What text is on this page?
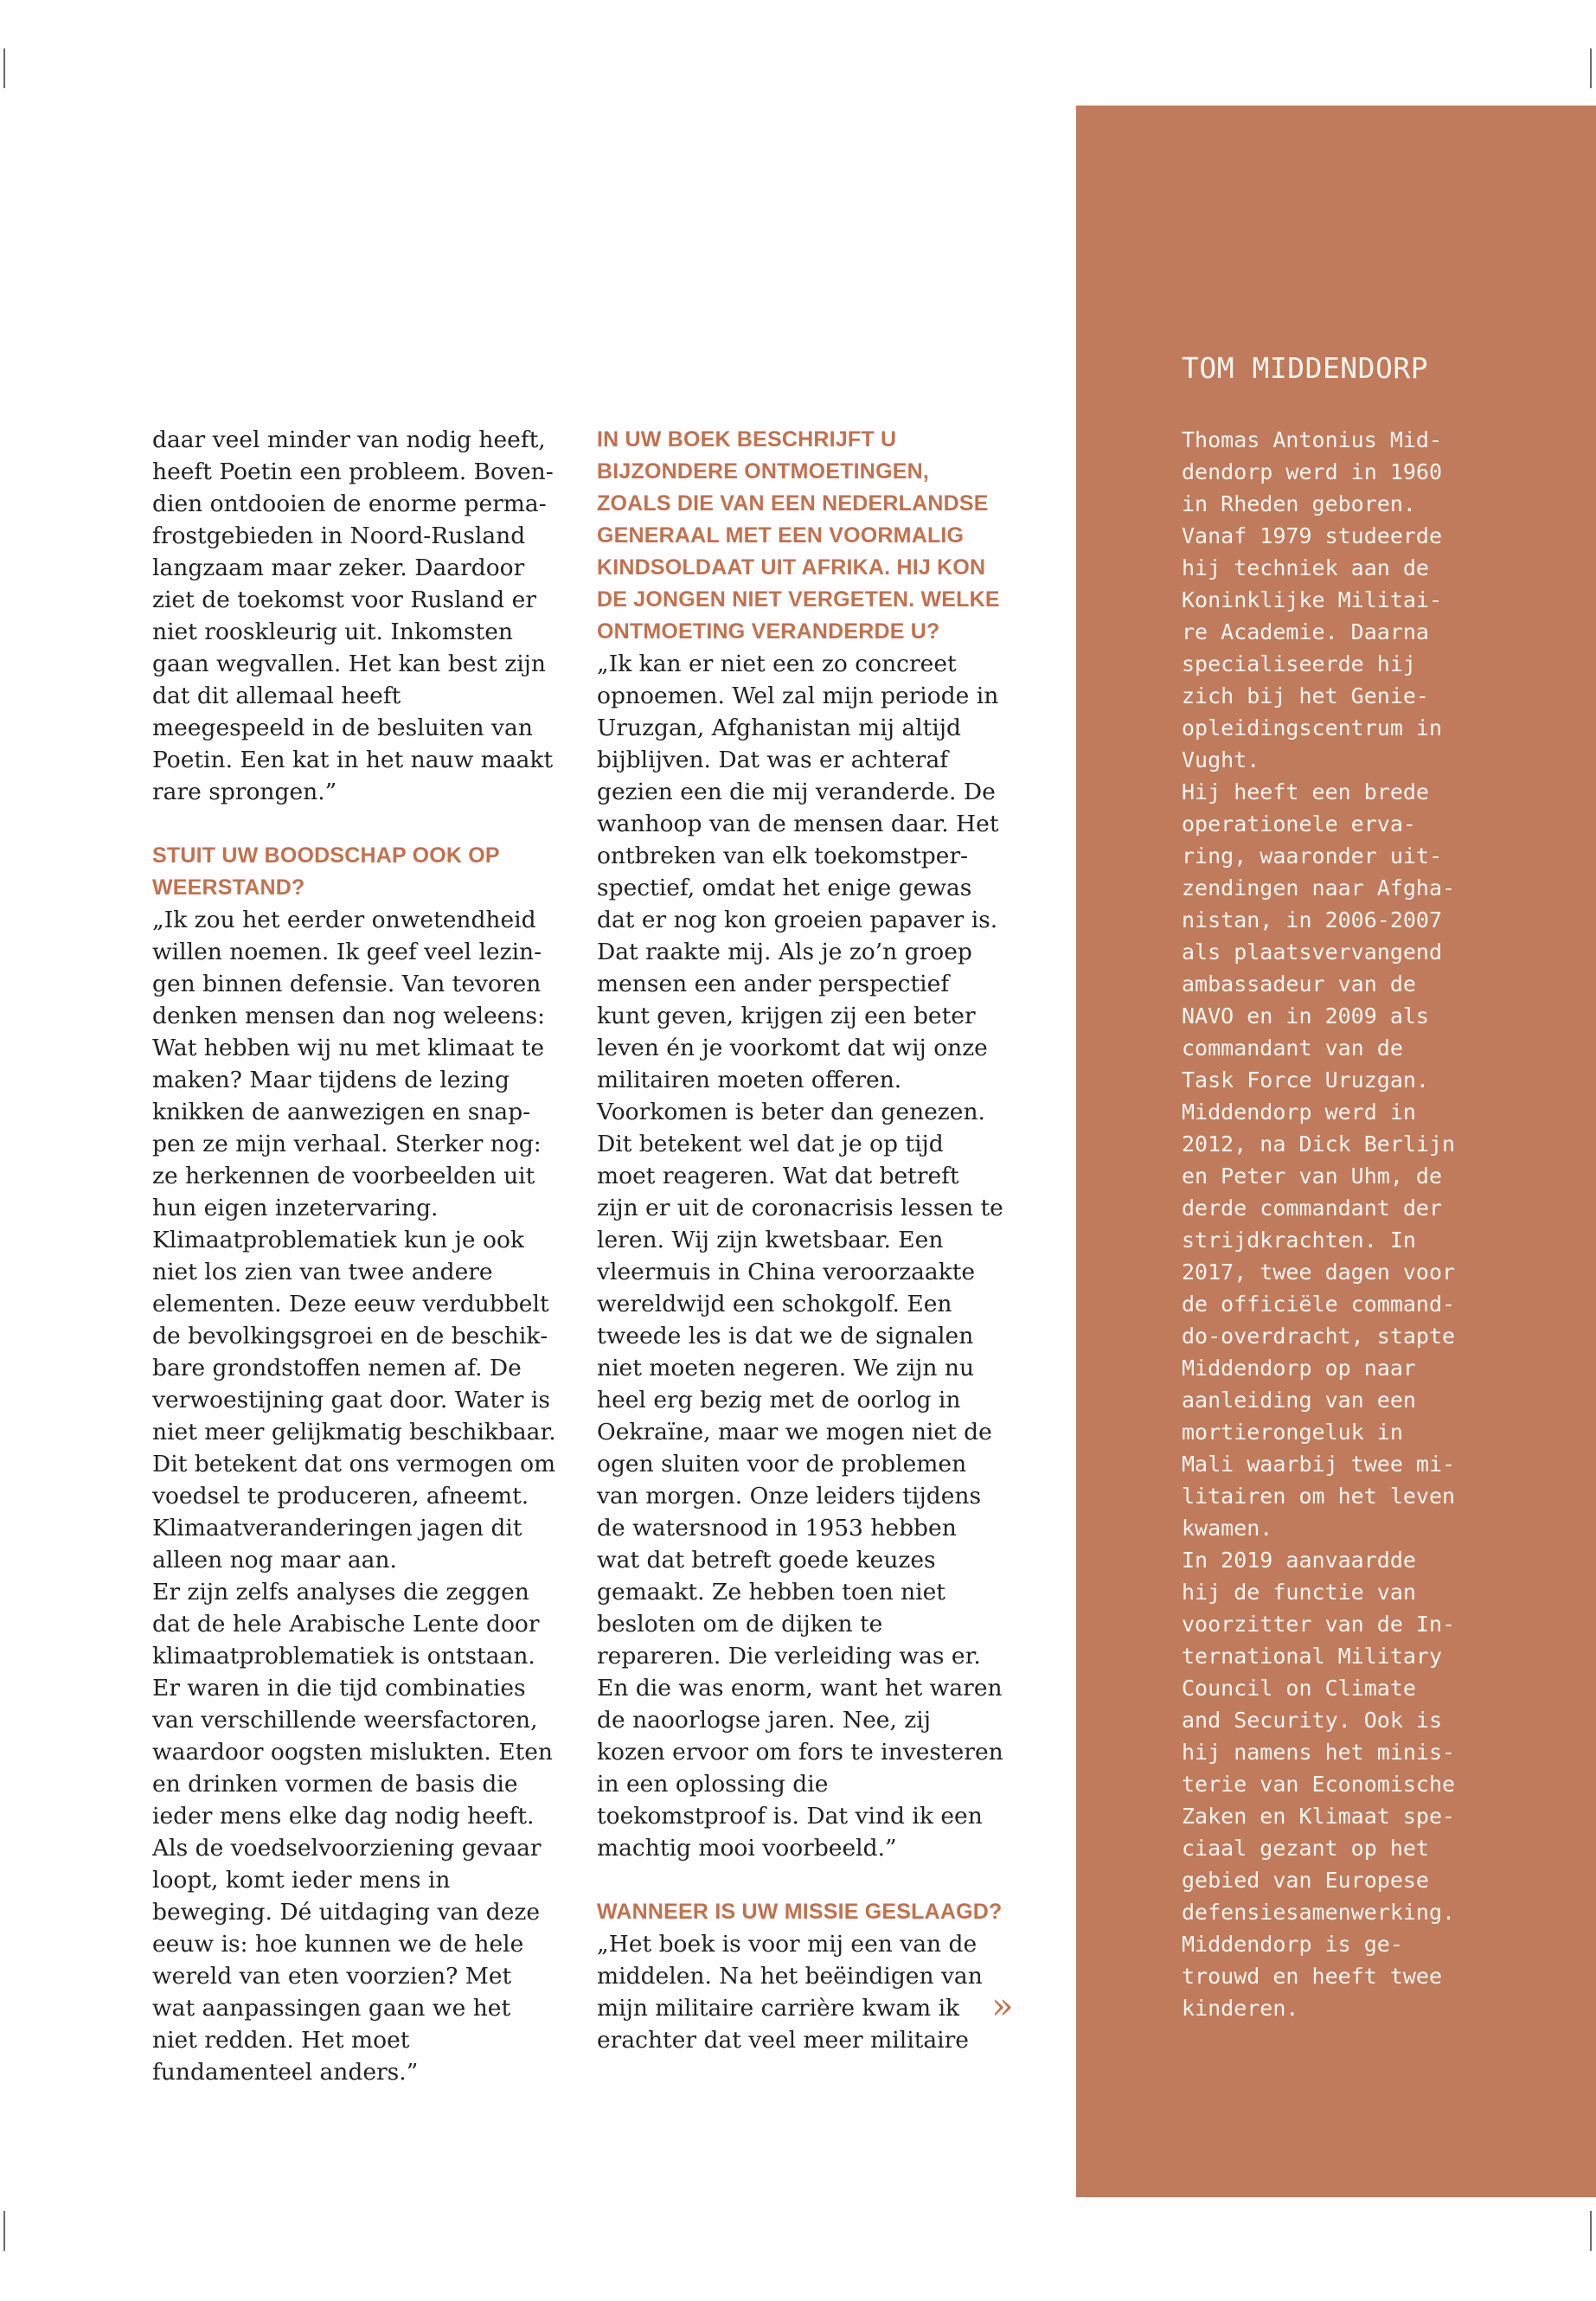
daar veel minder van nodig heeft, heeft Poetin een probleem. Bovendien ontdooien de enorme permafrostgebieden in Noord-Rusland langzaam maar zeker. Daardoor ziet de toekomst voor Rusland er niet rooskleurig uit. Inkomsten gaan wegvallen. Het kan best zijn dat dit allemaal heeft meegespeeld in de besluiten van Poetin. Een kat in het nauw maakt rare sprongen.”

STUIT UW BOODSCHAP OOK OP WEERSTAND?

„Ik zou het eerder onwetendheid willen noemen. Ik geef veel lezingen binnen defensie. Van tevoren denken mensen dan nog weleens: Wat hebben wij nu met klimaat te maken? Maar tijdens de lezing knikken de aanwezigen en snappen ze mijn verhaal. Sterker nog: ze herkennen de voorbeelden uit hun eigen inzetervaring.

Klimaatproblematiek kun je ook niet los zien van twee andere elementen. Deze eeuw verdubbelt de bevolkingsgroei en de beschikbare grondstoffen nemen af. De verwoestijning gaat door. Water is niet meer gelijkmatig beschikbaar. Dit betekent dat ons vermogen om voedsel te produceren, afneemt. Klimaatveranderingen jagen dit alleen nog maar aan.

Er zijn zelfs analyses die zeggen dat de hele Arabische Lente door klimaatproblematiek is ontstaan. Er waren in die tijd combinaties van verschillende weersfactoren, waardoor oogsten mislukten. Eten en drinken vormen de basis die ieder mens elke dag nodig heeft. Als de voedselvoorziening gevaar loopt, komt ieder mens in beweging. Dé uitdaging van deze eeuw is: hoe kunnen we de hele wereld van eten voorzien? Met wat aanpassingen gaan we het niet redden. Het moet fundamenteel anders.”

IN UW BOEK BESCHRIJFT U BIJZONDERE ONTMOETINGEN, ZOALS DIE VAN EEN NEDERLANDSE GENERAAL MET EEN VOORMALIG KINDSOLDAAT UIT AFRIKA. HIJ KON DE JONGEN NIET VERGETEN. WELKE ONTMOETING VERANDERDE U?

„Ik kan er niet een zo concreet opnoemen. Wel zal mijn periode in Uruzgan, Afghanistan mij altijd bijblijven. Dat was er achteraf gezien een die mij veranderde. De wanhoop van de mensen daar. Het ontbreken van elk toekomstperspectief, omdat het enige gewas dat er nog kon groeien papaver is. Dat raakte mij. Als je zo’n groep mensen een ander perspectief kunt geven, krijgen zij een beter leven én je voorkomt dat wij onze militairen moeten offeren. Voorkomen is beter dan genezen.

Dit betekent wel dat je op tijd moet reageren. Wat dat betreft zijn er uit de coronacrisis lessen te leren. Wij zijn kwetsbaar. Een vleermuis in China veroorzaakte wereldwijd een schokgolf. Een tweede les is dat we de signalen niet moeten negeren. We zijn nu heel erg bezig met de oorlog in Oekraïne, maar we mogen niet de ogen sluiten voor de problemen van morgen. Onze leiders tijdens de watersnood in 1953 hebben wat dat betreft goede keuzes gemaakt. Ze hebben toen niet besloten om de dijken te repareren. Die verleiding was er. En die was enorm, want het waren de naoorlogse jaren. Nee, zij kozen ervoor om fors te investeren in een oplossing die toekomstproof is. Dat vind ik een machtig mooi voorbeeld.”

WANNEER IS UW MISSIE GESLAAGD?

„Het boek is voor mij een van de middelen. Na het beëindigen van mijn militaire carrière kwam ik erachter dat veel meer militaire

»
TOM MIDDENDORP
Thomas Antonius Mid-
dendorp werd in 1960
in Rheden geboren.
Vanaf 1979 studeerde
hij techniek aan de
Koninklijke Militai-
re Academie. Daarna
specialiseerde hij
zich bij het Genie-
opleidingscentrum in
Vught.
Hij heeft een brede
operationele erva-
ring, waaronder uit-
zendingen naar Afgha-
nistan, in 2006-2007
als plaatsvervangend
ambassadeur van de
NAVO en in 2009 als
commandant van de
Task Force Uruzgan.
Middendorp werd in
2012, na Dick Berlijn
en Peter van Uhm, de
derde commandant der
strijdkrachten. In
2017, twee dagen voor
de officiële command-
do-overdracht, stapte
Middendorp op naar
aanleiding van een
mortierongeluk in
Mali waarbij twee mi-
litairen om het leven
kwamen.
In 2019 aanvaardde
hij de functie van
voorzitter van de In-
ternational Military
Council on Climate
and Security. Ook is
hij namens het minis-
terie van Economische
Zaken en Klimaat spe-
ciaal gezant op het
gebied van Europese
defensiesamenwerking.
Middendorp is ge-
trouwd en heeft twee
kinderen.
